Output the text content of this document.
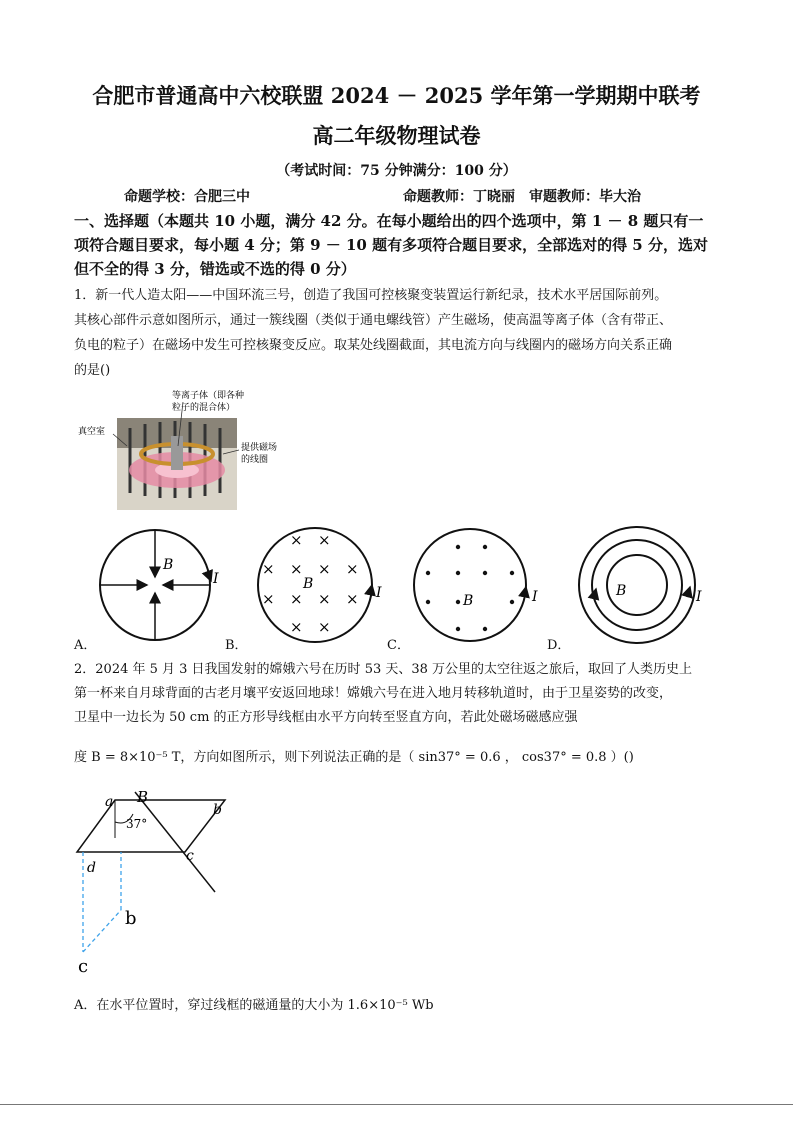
合肥市普通高中六校联盟 2024 － 2025 学年第一学期期中联考
高二年级物理试卷
（考试时间：75 分钟满分：100 分）
命题学校：合肥三中	命题教师：丁晓丽　审题教师：毕大治
一、选择题（本题共 10 小题，满分 42 分。在每小题给出的四个选项中，第 1 － 8 题只有一
项符合题目要求，每小题 4 分；第 9 － 10 题有多项符合题目要求，全部选对的得 5 分，选对
但不全的得 3 分，错选或不选的得 0 分）
1．新一代人造太阳——中国环流三号，创造了我国可控核聚变装置运行新纪录，技术水平居国际前列。
其核心部件示意如图所示，通过一簇线圈（类似于通电螺线管）产生磁场，使高温等离子体（含有带正、
负电的粒子）在磁场中发生可控核聚变反应。取某处线圈截面，其电流方向与线圈内的磁场方向关系正确
的是()
等离子体（即各种
粒子的混合体）
真空室
提供磁场
的线圈
B
I
× ×
× × × ×
× × × ×
× ×
B
I	B	I	B	I
A．	B．	C．	D．
2．2024 年 5 月 3 日我国发射的嫦娥六号在历时 53 天、38 万公里的太空往返之旅后，取回了人类历史上
第一杯来自月球背面的古老月壤平安返回地球！嫦娥六号在进入地月转移轨道时，由于卫星姿势的改变，
卫星中一边长为 50 cm 的正方形导线框由水平方向转至竖直方向，若此处磁场磁感应强
度 B = 8×10⁻⁵ T，方向如图所示，则下列说法正确的是（ sin37° = 0.6 ， cos37° = 0.8 ）()
a B
37°
b
c
d
b
c
A．在水平位置时，穿过线框的磁通量的大小为 1.6×10⁻⁵ Wb
